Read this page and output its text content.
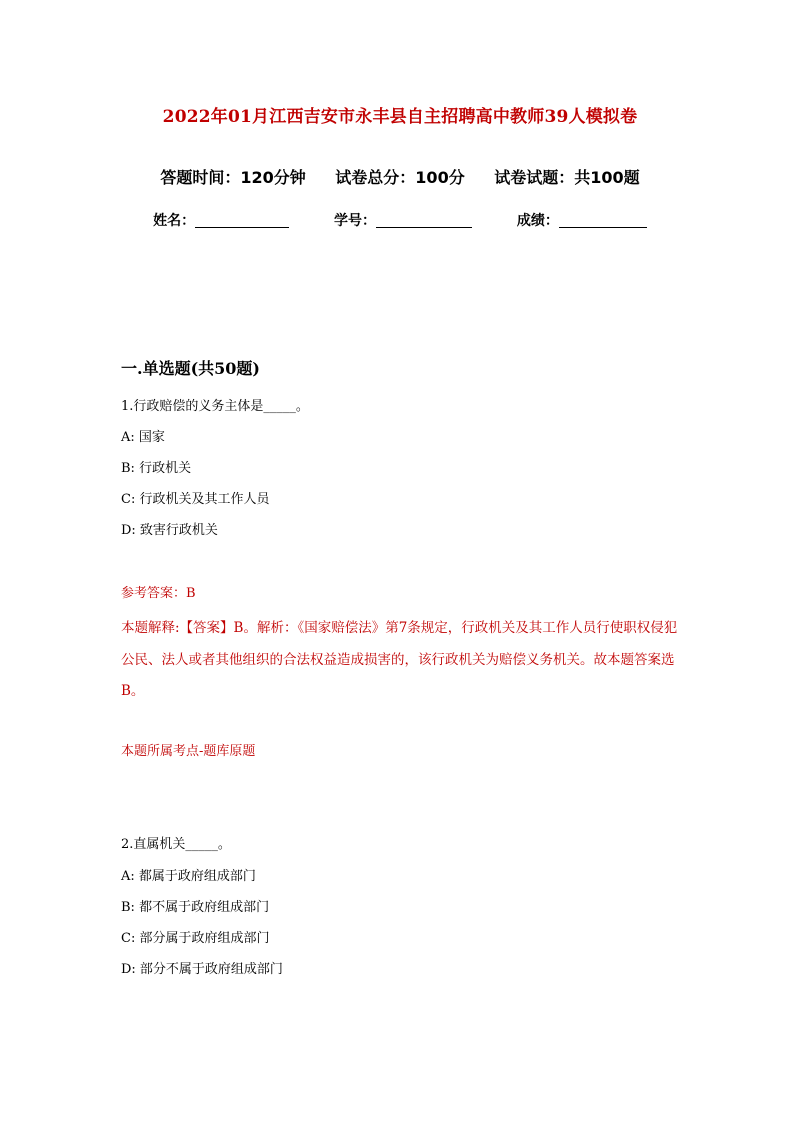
2022年01月江西吉安市永丰县自主招聘高中教师39人模拟卷
答题时间：120分钟 试卷总分：100分 试卷试题：共100题
姓名：	学号：	成绩：
一.单选题(共50题)
1.行政赔偿的义务主体是_____。
A: 国家
B: 行政机关
C: 行政机关及其工作人员
D: 致害行政机关
参考答案：B
本题解释:【答案】B。解析：《国家赔偿法》第7条规定，行政机关及其工作人员行使职权侵犯公民、法人或者其他组织的合法权益造成损害的，该行政机关为赔偿义务机关。故本题答案选B。
本题所属考点-题库原题
2.直属机关_____。
A: 都属于政府组成部门
B: 都不属于政府组成部门
C: 部分属于政府组成部门
D: 部分不属于政府组成部门
